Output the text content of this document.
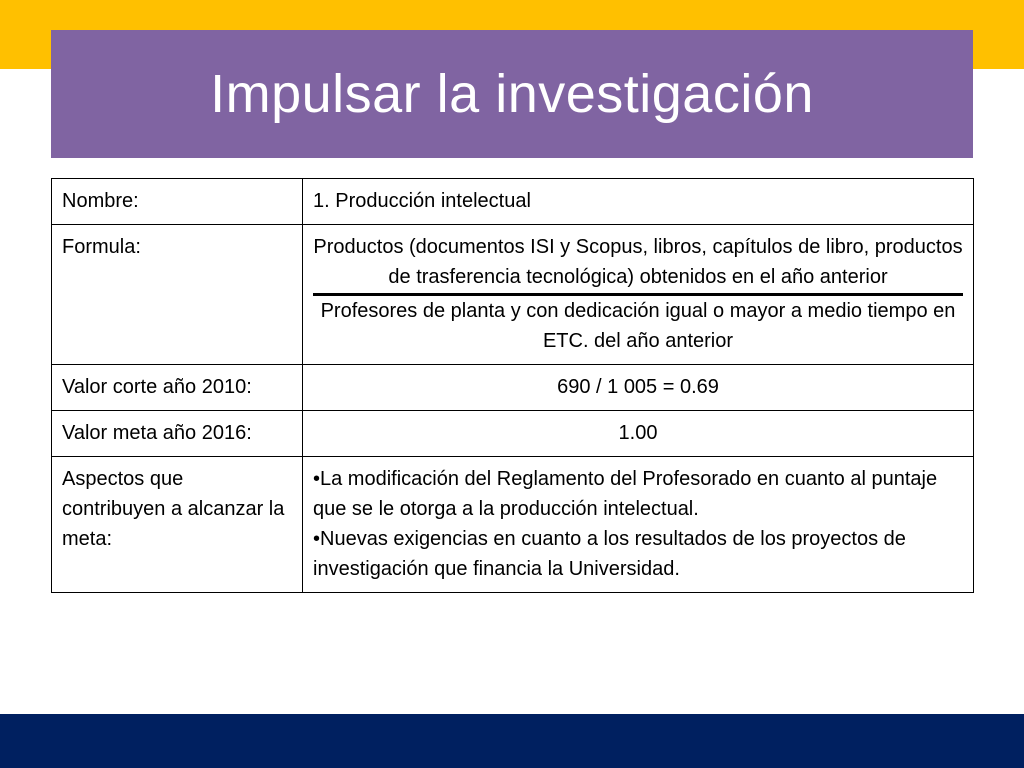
Impulsar la investigación
Nombre:	1. Producción intelectual
Formula:	Productos (documentos ISI y Scopus, libros, capítulos de libro, productos de trasferencia tecnológica) obtenidos en el año anterior
Profesores de planta y con dedicación igual o mayor a medio tiempo en ETC. del año anterior

Valor corte año 2010:	690 / 1 005 = 0.69
Valor meta año 2016:	1.00
Aspectos que contribuyen a alcanzar la meta:	•La modificación del Reglamento del Profesorado en cuanto al puntaje que se le otorga a la producción intelectual.
•Nuevas exigencias en cuanto a los resultados de los proyectos de investigación que financia la Universidad.
